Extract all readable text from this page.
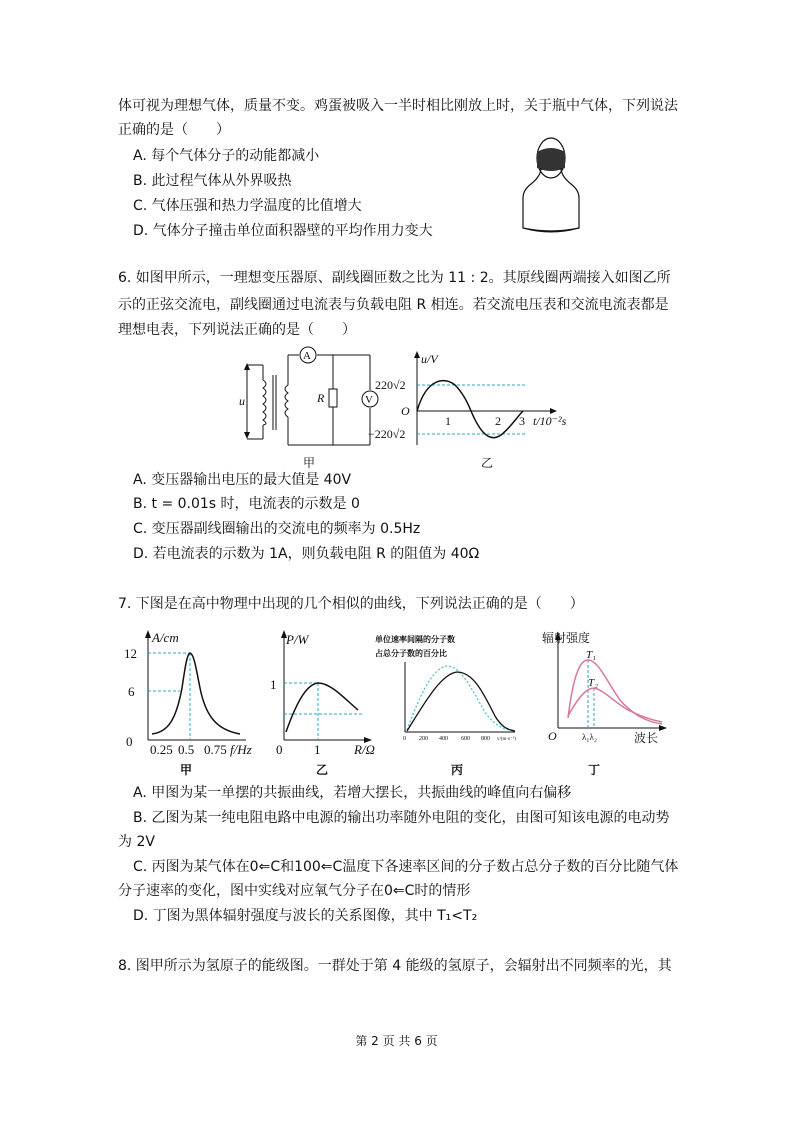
体可视为理想气体，质量不变。鸡蛋被吸入一半时相比刚放上时，关于瓶中气体，下列说法
正确的是（　　）
A. 每个气体分子的动能都减小
B. 此过程气体从外界吸热
C. 气体压强和热力学温度的比值增大
D. 气体分子撞击单位面积器壁的平均作用力变大
6. 如图甲所示，一理想变压器原、副线圈匝数之比为 11 : 2。其原线圈两端接入如图乙所
示的正弦交流电，副线圈通过电流表与负载电阻 R 相连。若交流电压表和交流电流表都是
理想电表，下列说法正确的是（　　）
u
A
R	V
甲
u/V
t/10⁻²s
O
220√2
−220√2
1	2 3
乙
A. 变压器输出电压的最大值是 40V
B. t = 0.01s 时，电流表的示数是 0
C. 变压器副线圈输出的交流电的频率为 0.5Hz
D. 若电流表的示数为 1A，则负载电阻 R 的阻值为 40Ω
7. 下图是在高中物理中出现的几个相似的曲线，下列说法正确的是（　　）
A/cm
12
6
0
0.25 0.5 0.75 f/Hz
甲
P/W
1
0 1	R/Ω
乙
单位速率间隔的分子数
占总分子数的百分比
0 200 400 600 800 v/(m·s⁻¹)
丙
辐射强度
T₁
T₂
O	λ₁λ₂	波长
丁
A. 甲图为某一单摆的共振曲线，若增大摆长，共振曲线的峰值向右偏移
B. 乙图为某一纯电阻电路中电源的输出功率随外电阻的变化，由图可知该电源的电动势
为 2V
C. 丙图为某气体在0⇐C和100⇐C温度下各速率区间的分子数占总分子数的百分比随气体
分子速率的变化，图中实线对应氧气分子在0⇐C时的情形
D. 丁图为黑体辐射强度与波长的关系图像，其中 T₁<T₂
8. 图甲所示为氢原子的能级图。一群处于第 4 能级的氢原子，会辐射出不同频率的光，其
第 2 页 共 6 页
